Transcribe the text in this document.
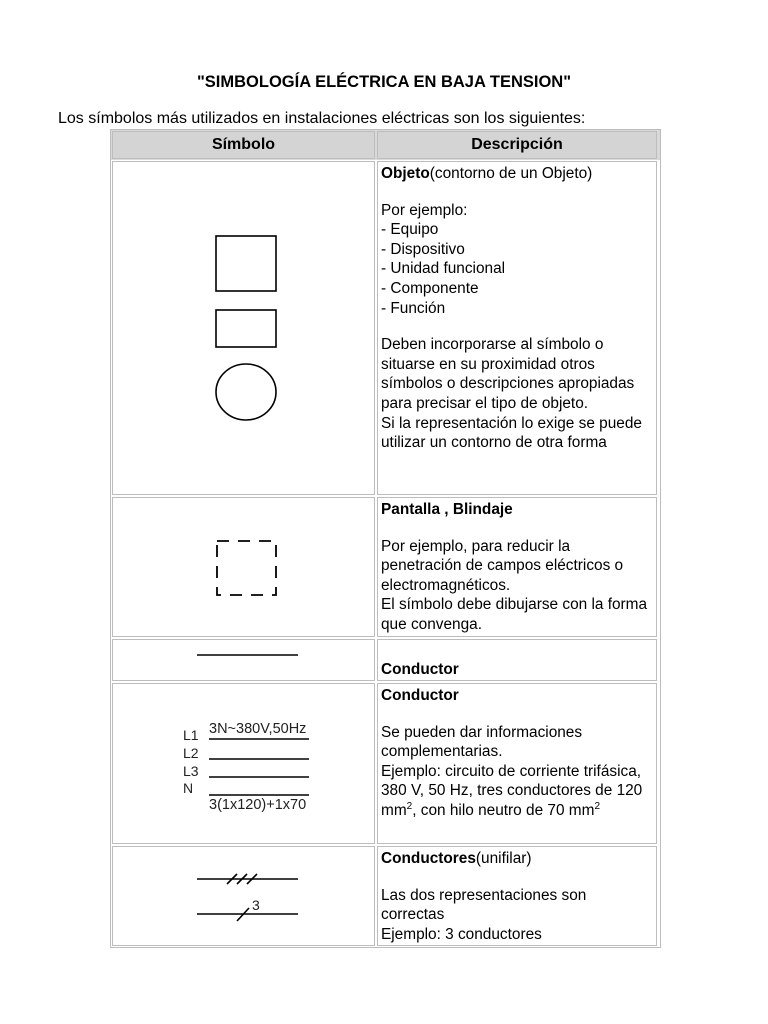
"SIMBOLOGÍA ELÉCTRICA EN BAJA TENSION"
Los símbolos más utilizados en instalaciones eléctricas son los siguientes:
Símbolo	Descripción

Objeto(contorno de un Objeto)

Por ejemplo:

- Equipo

- Dispositivo

- Unidad funcional

- Componente

- Función

Deben incorporarse al símbolo o situarse en su proximidad otros símbolos o descripciones apropiadas para precisar el tipo de objeto.

Si la representación lo exige se puede utilizar un contorno de otra forma

Pantalla , Blindaje

Por ejemplo, para reducir la penetración de campos eléctricos o electromagnéticos.

El símbolo debe dibujarse con la forma que convenga.

Conductor

L1
L2
L3
N
3N~380V,50Hz
3(1x120)+1x70

Conductor

Se pueden dar informaciones complementarias.

Ejemplo: circuito de corriente trifásica, 380 V, 50 Hz, tres conductores de 120 $mm^2$, con hilo neutro de 70 $mm^2$

3

Conductores(unifilar)

Las dos representaciones son correctas

Ejemplo: 3 conductores
